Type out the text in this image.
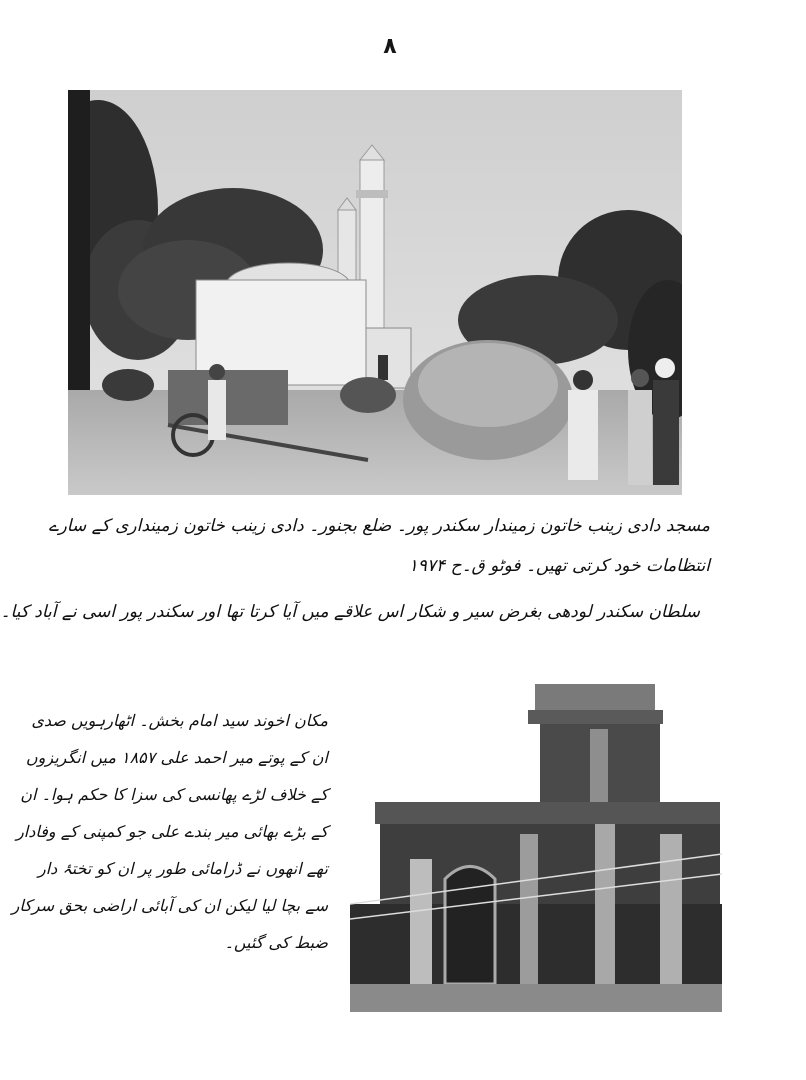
۸
مسجد دادی زینب خاتون زمیندار سکندر پور۔ ضلع بجنور۔ دادی زینب خاتون زمینداری کے سارے
انتظامات خود کرتی تھیں۔ فوٹو ق۔ح ۱۹۷۴
سلطان سکندر لودھی بغرض سیر و شکار اس علاقے میں آیا کرتا تھا اور سکندر پور اسی نے آباد کیا۔
مکان اخوند سید امام بخش۔ اٹھارہویں صدی
ان کے پوتے میر احمد علی ۱۸۵۷ میں انگریزوں
کے خلاف لڑے پھانسی کی سزا کا حکم ہوا۔ ان
کے بڑے بھائی میر بندے علی جو کمپنی کے وفادار
تھے انھوں نے ڈرامائی طور پر ان کو تختۂ دار
سے بچا لیا لیکن ان کی آبائی اراضی بحق سرکار
ضبط کی گئیں۔
